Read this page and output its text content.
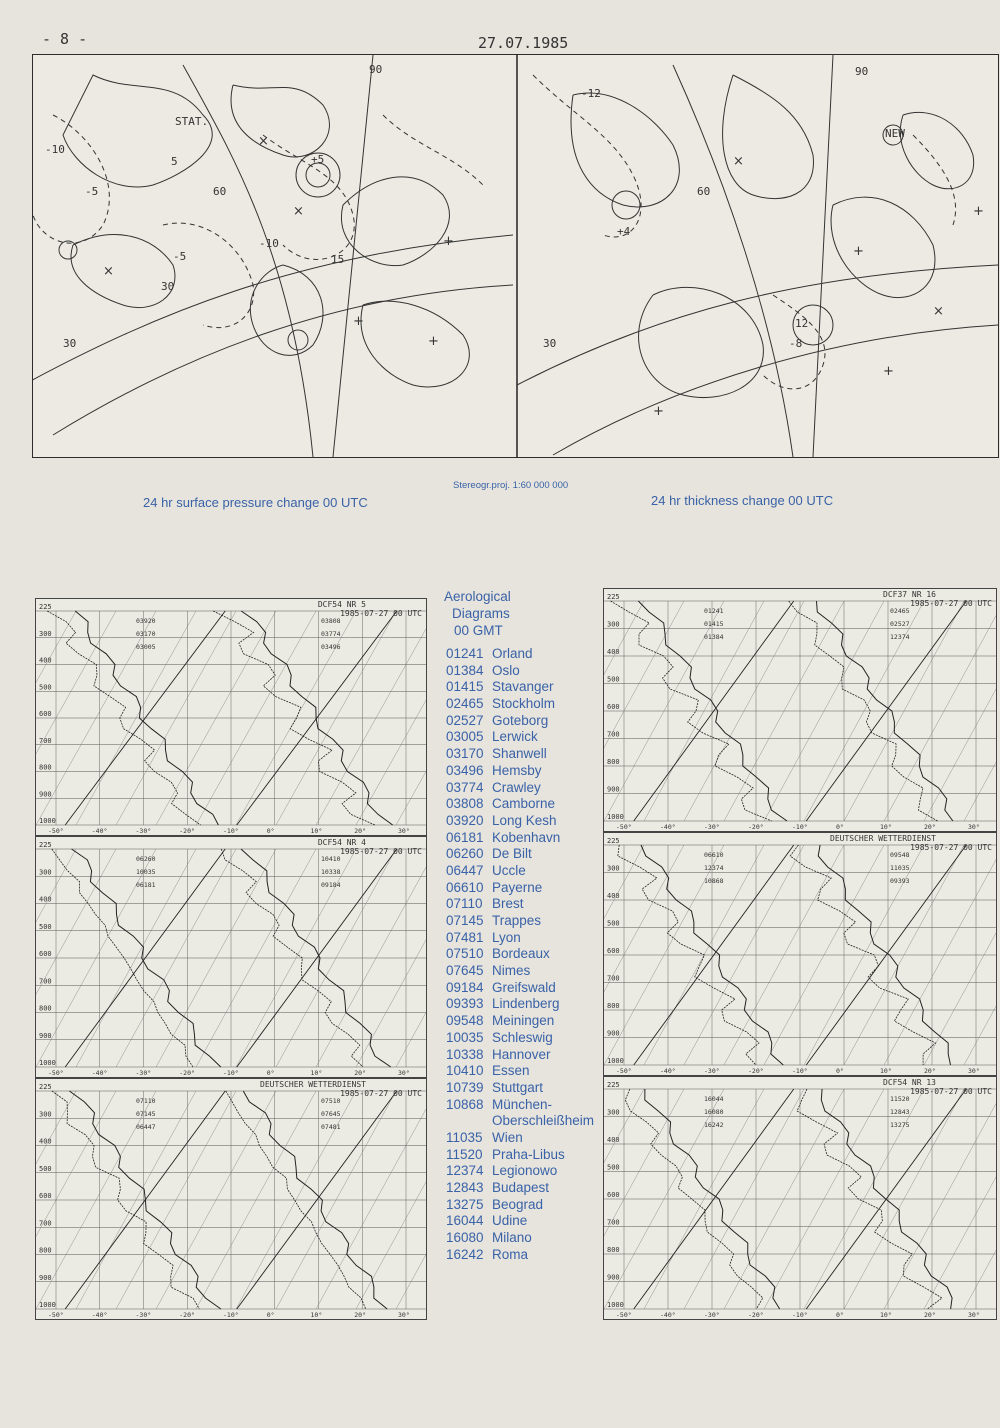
- 8 -	27.07.1985
STAT.
-10
-5
5	+5
60
30
-5
90
-10
30
15
-12
NEW
60
30
+4
-8
12
90
×
×
×
+
+
+
×
+
+
+
×
+
24 hr surface pressure change 00 UTC
Stereogr.proj. 1:60 000 000
24 hr thickness change 00 UTC
Aerological
Diagrams
00 GMT
01241 Orland
01384 Oslo
01415 Stavanger
02465 Stockholm
02527 Goteborg
03005 Lerwick
03170 Shanwell
03496 Hemsby
03774 Crawley
03808 Camborne
03920 Long Kesh
06181 Kobenhavn
06260 De Bilt
06447 Uccle
06610 Payerne
07110 Brest
07145 Trappes
07481 Lyon
07510 Bordeaux
07645 Nimes
09184 Greifswald
09393 Lindenberg
09548 Meiningen
10035 Schleswig
10338 Hannover
10410 Essen
10739 Stuttgart
10868 München-
Oberschleißheim
11035 Wien
11520 Praha-Libus
12374 Legionowo
12843 Budapest
13275 Beograd
16044 Udine
16080 Milano
16242 Roma
225
300
400
500
600
700
800
900
1000
-50°	-40°	-30°	-20°	-10°	0°	10°	20°	30°
DCF54 NR 5
1985-07-27 00 UTC
03920
03170
03005
03808
03774
03496
225
300
400
500
600
700
800
900
1000
-50°	-40°	-30°	-20°	-10°	0°	10°	20°	30°
DCF54 NR 4
1985-07-27 00 UTC
06260
10035
06181
10410
10338
09184
225
300
400
500
600
700
800
900
1000
-50°	-40°	-30°	-20°	-10°	0°	10°	20°	30°
DEUTSCHER WETTERDIENST
1985-07-27 00 UTC
07110
07145
06447
07510
07645
07481
225
300
400
500
600
700
800
900
1000
-50°	-40°	-30°	-20°	-10°	0°	10°	20°	30°
DCF37 NR 16
1985-07-27 00 UTC
01241
01415
01384
02465
02527
12374
225
300
400
500
600
700
800
900
1000
-50°	-40°	-30°	-20°	-10°	0°	10°	20°	30°
DEUTSCHER WETTERDIENST
1985-07-27 00 UTC
06610
12374
10868
09548
11035
09393
225
300
400
500
600
700
800
900
1000
-50°	-40°	-30°	-20°	-10°	0°	10°	20°	30°
DCF54 NR 13
1985-07-27 00 UTC
16044
16080
16242
11520
12843
13275
